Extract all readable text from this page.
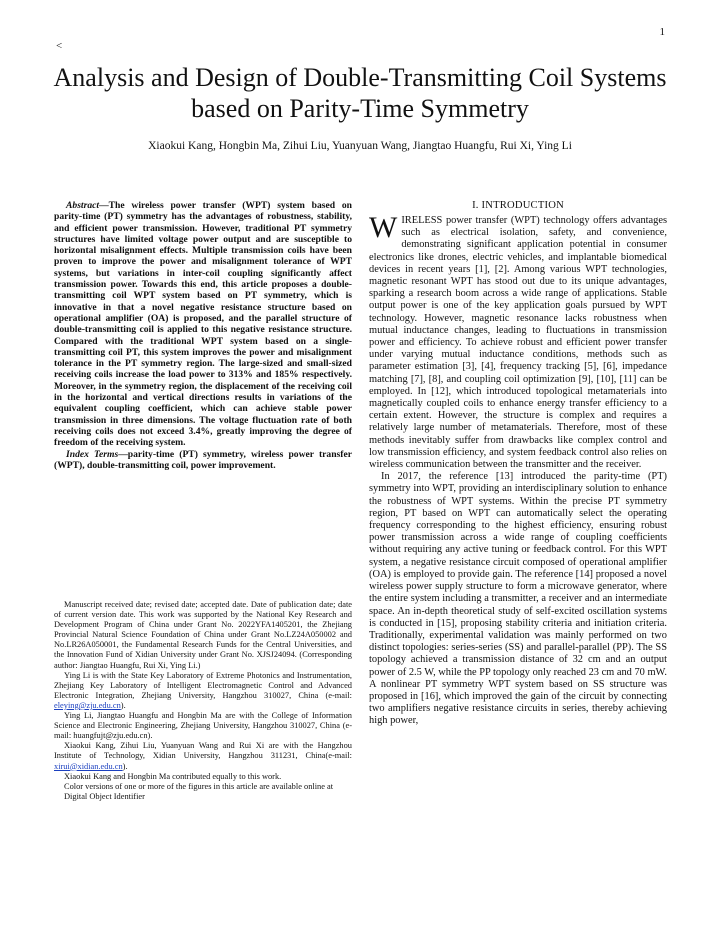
1
<
Analysis and Design of Double-Transmitting Coil Systems based on Parity-Time Symmetry

Xiaokui Kang, Hongbin Ma, Zihui Liu, Yuanyuan Wang, Jiangtao Huangfu, Rui Xi, Ying Li

Abstract—The wireless power transfer (WPT) system based on parity-time (PT) symmetry has the advantages of robustness, stability, and efficient power transmission. However, traditional PT symmetry structures have limited voltage power output and are susceptible to horizontal misalignment effects. Multiple transmission coils have been proven to improve the power and misalignment tolerance of WPT systems, but variations in inter-coil coupling significantly affect transmission power. Towards this end, this article proposes a double-transmitting coil WPT system based on PT symmetry, which is innovative in that a novel negative resistance structure based on operational amplifier (OA) is proposed, and the parallel structure of double-transmitting coil is applied to this negative resistance structure. Compared with the traditional WPT system based on a single-transmitting coil PT, this system improves the power and misalignment tolerance in the PT symmetry region. The large-sized and small-sized receiving coils increase the load power to 313% and 185% respectively. Moreover, in the symmetry region, the displacement of the receiving coil in the horizontal and vertical directions results in variations of the equivalent coupling coefficient, which can achieve stable power transmission in three dimensions. The voltage fluctuation rate of both receiving coils does not exceed 3.4%, greatly improving the degree of freedom of the receiving system.

Index Terms—parity-time (PT) symmetry, wireless power transfer (WPT), double-transmitting coil, power improvement.

Manuscript received date; revised date; accepted date. Date of publication date; date of current version date. This work was supported by the National Key Research and Development Program of China under Grant No. 2022YFA1405201, the Zhejiang Provincial Natural Science Foundation of China under Grant No.LZ24A050002 and No.LR26A050001, the Fundamental Research Funds for the Central Universities, and the Innovation Fund of Xidian University under Grant No. XJSJ24094. (Corresponding author: Jiangtao Huangfu, Rui Xi, Ying Li.)

Ying Li is with the State Key Laboratory of Extreme Photonics and Instrumentation, Zhejiang Key Laboratory of Intelligent Electromagnetic Control and Advanced Electronic Integration, Zhejiang University, Hangzhou 310027, China (e-mail: eleying@zju.edu.cn).

Ying Li, Jiangtao Huangfu and Hongbin Ma are with the College of Information Science and Electronic Engineering, Zhejiang University, Hangzhou 310027, China (e-mail: huangfujt@zju.edu.cn).

Xiaokui Kang, Zihui Liu, Yuanyuan Wang and Rui Xi are with the Hangzhou Institute of Technology, Xidian University, Hangzhou 311231, China(e-mail: xirui@xidian.edu.cn).

Xiaokui Kang and Hongbin Ma contributed equally to this work.

Color versions of one or more of the figures in this article are available online at

Digital Object Identifier

I. INTRODUCTION

WIRELESS power transfer (WPT) technology offers advantages such as electrical isolation, safety, and convenience, demonstrating significant application potential in consumer electronics like drones, electric vehicles, and implantable biomedical devices in recent years [1], [2]. Among various WPT technologies, magnetic resonant WPT has stood out due to its unique advantages, sparking a research boom across a wide range of applications. Stable output power is one of the key application goals pursued by WPT technology. However, magnetic resonance lacks robustness when mutual inductance changes, leading to fluctuations in transmission power and efficiency. To achieve robust and efficient power transfer under varying mutual inductance conditions, methods such as parameter estimation [3], [4], frequency tracking [5], [6], impedance matching [7], [8], and coupling coil optimization [9], [10], [11] can be employed. In [12], which introduced topological metamaterials into magnetically coupled coils to enhance energy transfer efficiency to a certain extent. However, the structure is complex and requires a relatively large number of metamaterials. Therefore, most of these methods inevitably suffer from drawbacks like complex control and low transmission efficiency, and system feedback control also relies on wireless communication between the transmitter and the receiver.

In 2017, the reference [13] introduced the parity-time (PT) symmetry into WPT, providing an interdisciplinary solution to enhance the robustness of WPT systems. Within the precise PT symmetry region, PT based on WPT can automatically select the operating frequency corresponding to the highest efficiency, ensuring robust power transmission across a wide range of coupling coefficients without requiring any active tuning or feedback control. For this WPT system, a negative resistance circuit composed of operational amplifier (OA) is employed to provide gain. The reference [14] proposed a novel wireless power supply structure to form a microwave generator, where the entire system including a transmitter, a receiver and an intermediate space. An in-depth theoretical study of self-excited oscillation systems is conducted in [15], proposing stability criteria and initiation criteria. Traditionally, experimental validation was mainly performed on two distinct topologies: series-series (SS) and parallel-parallel (PP). The SS topology achieved a transmission distance of 32 cm and an output power of 2.5 W, while the PP topology only reached 23 cm and 70 mW. A nonlinear PT symmetry WPT system based on SS structure was proposed in [16], which improved the gain of the circuit by connecting two amplifiers negative resistance circuits in series, thereby achieving high power,
